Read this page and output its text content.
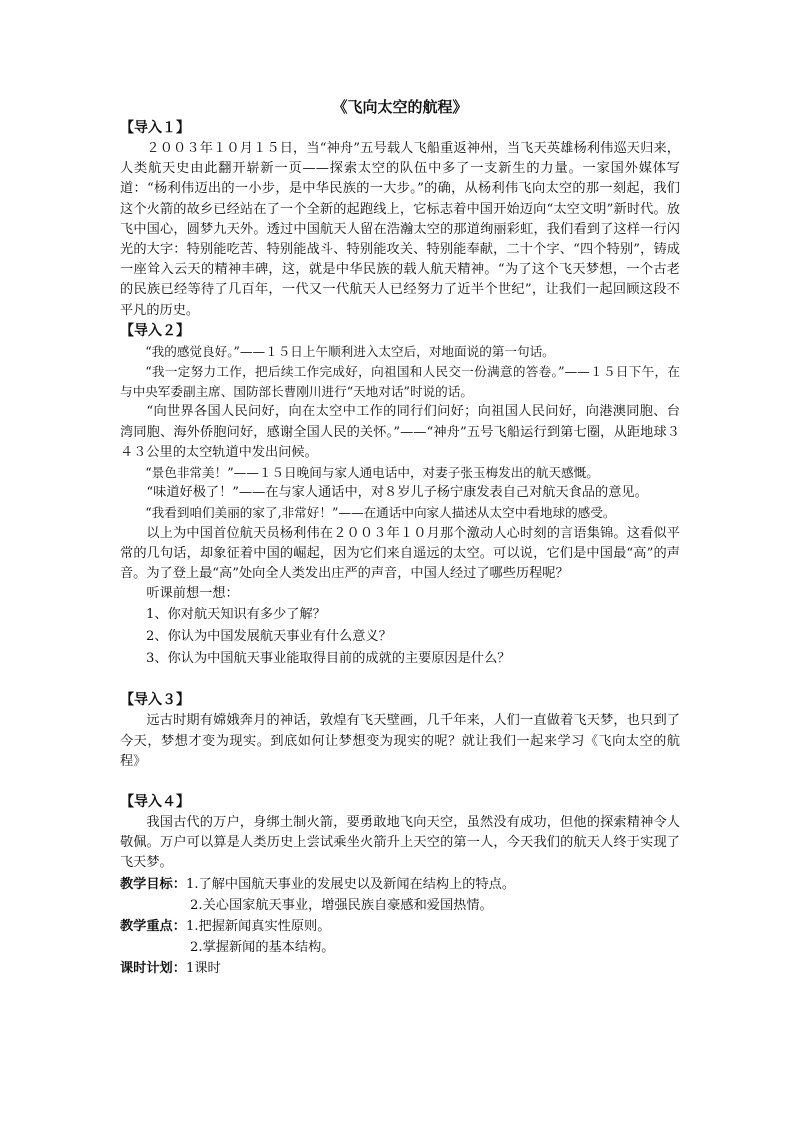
《飞向太空的航程》
【导入１】

２００３年１０月１５日，当“神舟”五号载人飞船重返神州，当飞天英雄杨利伟巡天归来，人类航天史由此翻开崭新一页——探索太空的队伍中多了一支新生的力量。一家国外媒体写道：“杨利伟迈出的一小步，是中华民族的一大步。”的确，从杨利伟飞向太空的那一刻起，我们这个火箭的故乡已经站在了一个全新的起跑线上，它标志着中国开始迈向“太空文明”新时代。放飞中国心，圆梦九天外。透过中国航天人留在浩瀚太空的那道绚丽彩虹，我们看到了这样一行闪光的大字：特别能吃苦、特别能战斗、特别能攻关、特别能奉献，二十个字、“四个特别”，铸成一座耸入云天的精神丰碑，这，就是中华民族的载人航天精神。“为了这个飞天梦想，一个古老的民族已经等待了几百年，一代又一代航天人已经努力了近半个世纪”，让我们一起回顾这段不平凡的历史。

【导入２】

“我的感觉良好。”——１５日上午顺利进入太空后，对地面说的第一句话。

“我一定努力工作，把后续工作完成好，向祖国和人民交一份满意的答卷。”——１５日下午，在与中央军委副主席、国防部长曹刚川进行“天地对话”时说的话。

“向世界各国人民问好，向在太空中工作的同行们问好；向祖国人民问好，向港澳同胞、台湾同胞、海外侨胞问好，感谢全国人民的关怀。”——“神舟”五号飞船运行到第七圈，从距地球３４３公里的太空轨道中发出问候。

“景色非常美！”——１５日晚间与家人通电话中，对妻子张玉梅发出的航天感慨。

“味道好极了！”——在与家人通话中，对８岁儿子杨宁康发表自己对航天食品的意见。

“我看到咱们美丽的家了,非常好！”——在通话中向家人描述从太空中看地球的感受。

以上为中国首位航天员杨利伟在２００３年１０月那个激动人心时刻的言语集锦。这看似平常的几句话，却象征着中国的崛起，因为它们来自遥远的太空。可以说，它们是中国最“高”的声音。为了登上最“高”处向全人类发出庄严的声音，中国人经过了哪些历程呢？

听课前想一想：

1、你对航天知识有多少了解？
2、你认为中国发展航天事业有什么意义？
3、你认为中国航天事业能取得目前的成就的主要原因是什么？
【导入３】

远古时期有嫦娥奔月的神话，敦煌有飞天壁画，几千年来，人们一直做着飞天梦，也只到了今天，梦想才变为现实。到底如何让梦想变为现实的呢？就让我们一起来学习《飞向太空的航程》

【导入４】

我国古代的万户，身绑土制火箭，要勇敢地飞向天空，虽然没有成功，但他的探索精神令人敬佩。万户可以算是人类历史上尝试乘坐火箭升上天空的第一人，今天我们的航天人终于实现了飞天梦。

教学目标： 1.了解中国航天事业的发展史以及新闻在结构上的特点。
2.关心国家航天事业，增强民族自豪感和爱国热情。
教学重点： 1.把握新闻真实性原则。
2.掌握新闻的基本结构。
课时计划： 1课时
